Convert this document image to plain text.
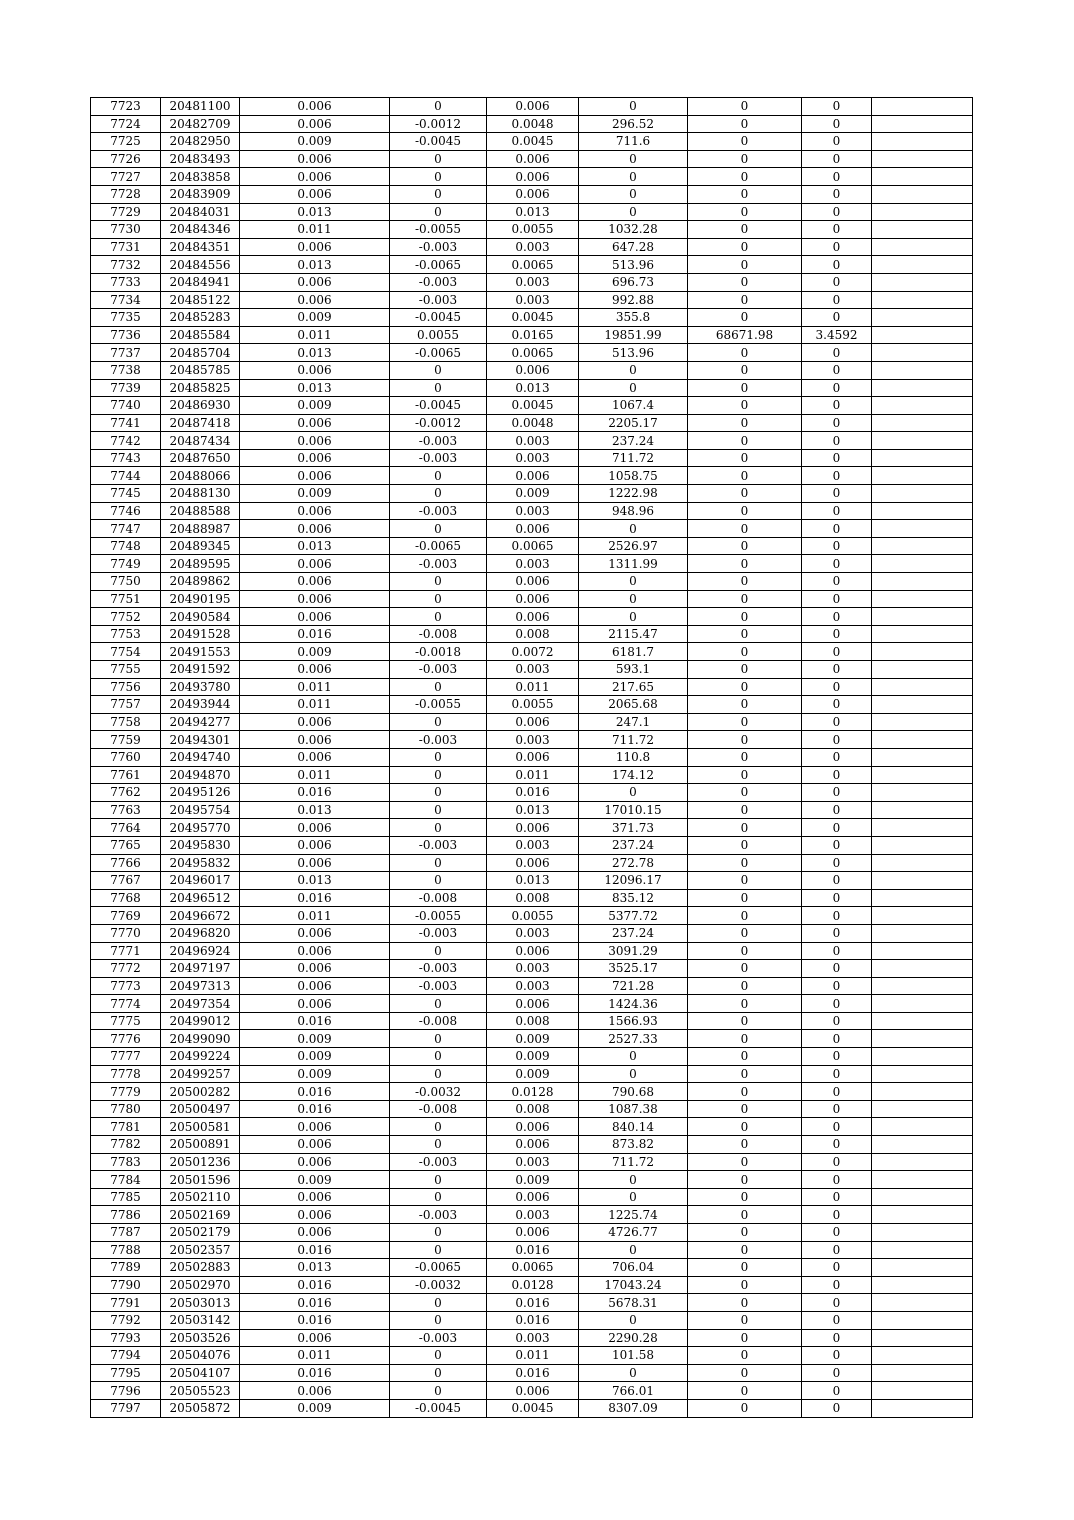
7723	20481100	0.006	0	0.006	0	0	0	
7724	20482709	0.006	-0.0012	0.0048	296.52	0	0	
7725	20482950	0.009	-0.0045	0.0045	711.6	0	0	
7726	20483493	0.006	0	0.006	0	0	0	
7727	20483858	0.006	0	0.006	0	0	0	
7728	20483909	0.006	0	0.006	0	0	0	
7729	20484031	0.013	0	0.013	0	0	0	
7730	20484346	0.011	-0.0055	0.0055	1032.28	0	0	
7731	20484351	0.006	-0.003	0.003	647.28	0	0	
7732	20484556	0.013	-0.0065	0.0065	513.96	0	0	
7733	20484941	0.006	-0.003	0.003	696.73	0	0	
7734	20485122	0.006	-0.003	0.003	992.88	0	0	
7735	20485283	0.009	-0.0045	0.0045	355.8	0	0	
7736	20485584	0.011	0.0055	0.0165	19851.99	68671.98	3.4592	
7737	20485704	0.013	-0.0065	0.0065	513.96	0	0	
7738	20485785	0.006	0	0.006	0	0	0	
7739	20485825	0.013	0	0.013	0	0	0	
7740	20486930	0.009	-0.0045	0.0045	1067.4	0	0	
7741	20487418	0.006	-0.0012	0.0048	2205.17	0	0	
7742	20487434	0.006	-0.003	0.003	237.24	0	0	
7743	20487650	0.006	-0.003	0.003	711.72	0	0	
7744	20488066	0.006	0	0.006	1058.75	0	0	
7745	20488130	0.009	0	0.009	1222.98	0	0	
7746	20488588	0.006	-0.003	0.003	948.96	0	0	
7747	20488987	0.006	0	0.006	0	0	0	
7748	20489345	0.013	-0.0065	0.0065	2526.97	0	0	
7749	20489595	0.006	-0.003	0.003	1311.99	0	0	
7750	20489862	0.006	0	0.006	0	0	0	
7751	20490195	0.006	0	0.006	0	0	0	
7752	20490584	0.006	0	0.006	0	0	0	
7753	20491528	0.016	-0.008	0.008	2115.47	0	0	
7754	20491553	0.009	-0.0018	0.0072	6181.7	0	0	
7755	20491592	0.006	-0.003	0.003	593.1	0	0	
7756	20493780	0.011	0	0.011	217.65	0	0	
7757	20493944	0.011	-0.0055	0.0055	2065.68	0	0	
7758	20494277	0.006	0	0.006	247.1	0	0	
7759	20494301	0.006	-0.003	0.003	711.72	0	0	
7760	20494740	0.006	0	0.006	110.8	0	0	
7761	20494870	0.011	0	0.011	174.12	0	0	
7762	20495126	0.016	0	0.016	0	0	0	
7763	20495754	0.013	0	0.013	17010.15	0	0	
7764	20495770	0.006	0	0.006	371.73	0	0	
7765	20495830	0.006	-0.003	0.003	237.24	0	0	
7766	20495832	0.006	0	0.006	272.78	0	0	
7767	20496017	0.013	0	0.013	12096.17	0	0	
7768	20496512	0.016	-0.008	0.008	835.12	0	0	
7769	20496672	0.011	-0.0055	0.0055	5377.72	0	0	
7770	20496820	0.006	-0.003	0.003	237.24	0	0	
7771	20496924	0.006	0	0.006	3091.29	0	0	
7772	20497197	0.006	-0.003	0.003	3525.17	0	0	
7773	20497313	0.006	-0.003	0.003	721.28	0	0	
7774	20497354	0.006	0	0.006	1424.36	0	0	
7775	20499012	0.016	-0.008	0.008	1566.93	0	0	
7776	20499090	0.009	0	0.009	2527.33	0	0	
7777	20499224	0.009	0	0.009	0	0	0	
7778	20499257	0.009	0	0.009	0	0	0	
7779	20500282	0.016	-0.0032	0.0128	790.68	0	0	
7780	20500497	0.016	-0.008	0.008	1087.38	0	0	
7781	20500581	0.006	0	0.006	840.14	0	0	
7782	20500891	0.006	0	0.006	873.82	0	0	
7783	20501236	0.006	-0.003	0.003	711.72	0	0	
7784	20501596	0.009	0	0.009	0	0	0	
7785	20502110	0.006	0	0.006	0	0	0	
7786	20502169	0.006	-0.003	0.003	1225.74	0	0	
7787	20502179	0.006	0	0.006	4726.77	0	0	
7788	20502357	0.016	0	0.016	0	0	0	
7789	20502883	0.013	-0.0065	0.0065	706.04	0	0	
7790	20502970	0.016	-0.0032	0.0128	17043.24	0	0	
7791	20503013	0.016	0	0.016	5678.31	0	0	
7792	20503142	0.016	0	0.016	0	0	0	
7793	20503526	0.006	-0.003	0.003	2290.28	0	0	
7794	20504076	0.011	0	0.011	101.58	0	0	
7795	20504107	0.016	0	0.016	0	0	0	
7796	20505523	0.006	0	0.006	766.01	0	0	
7797	20505872	0.009	-0.0045	0.0045	8307.09	0	0	
